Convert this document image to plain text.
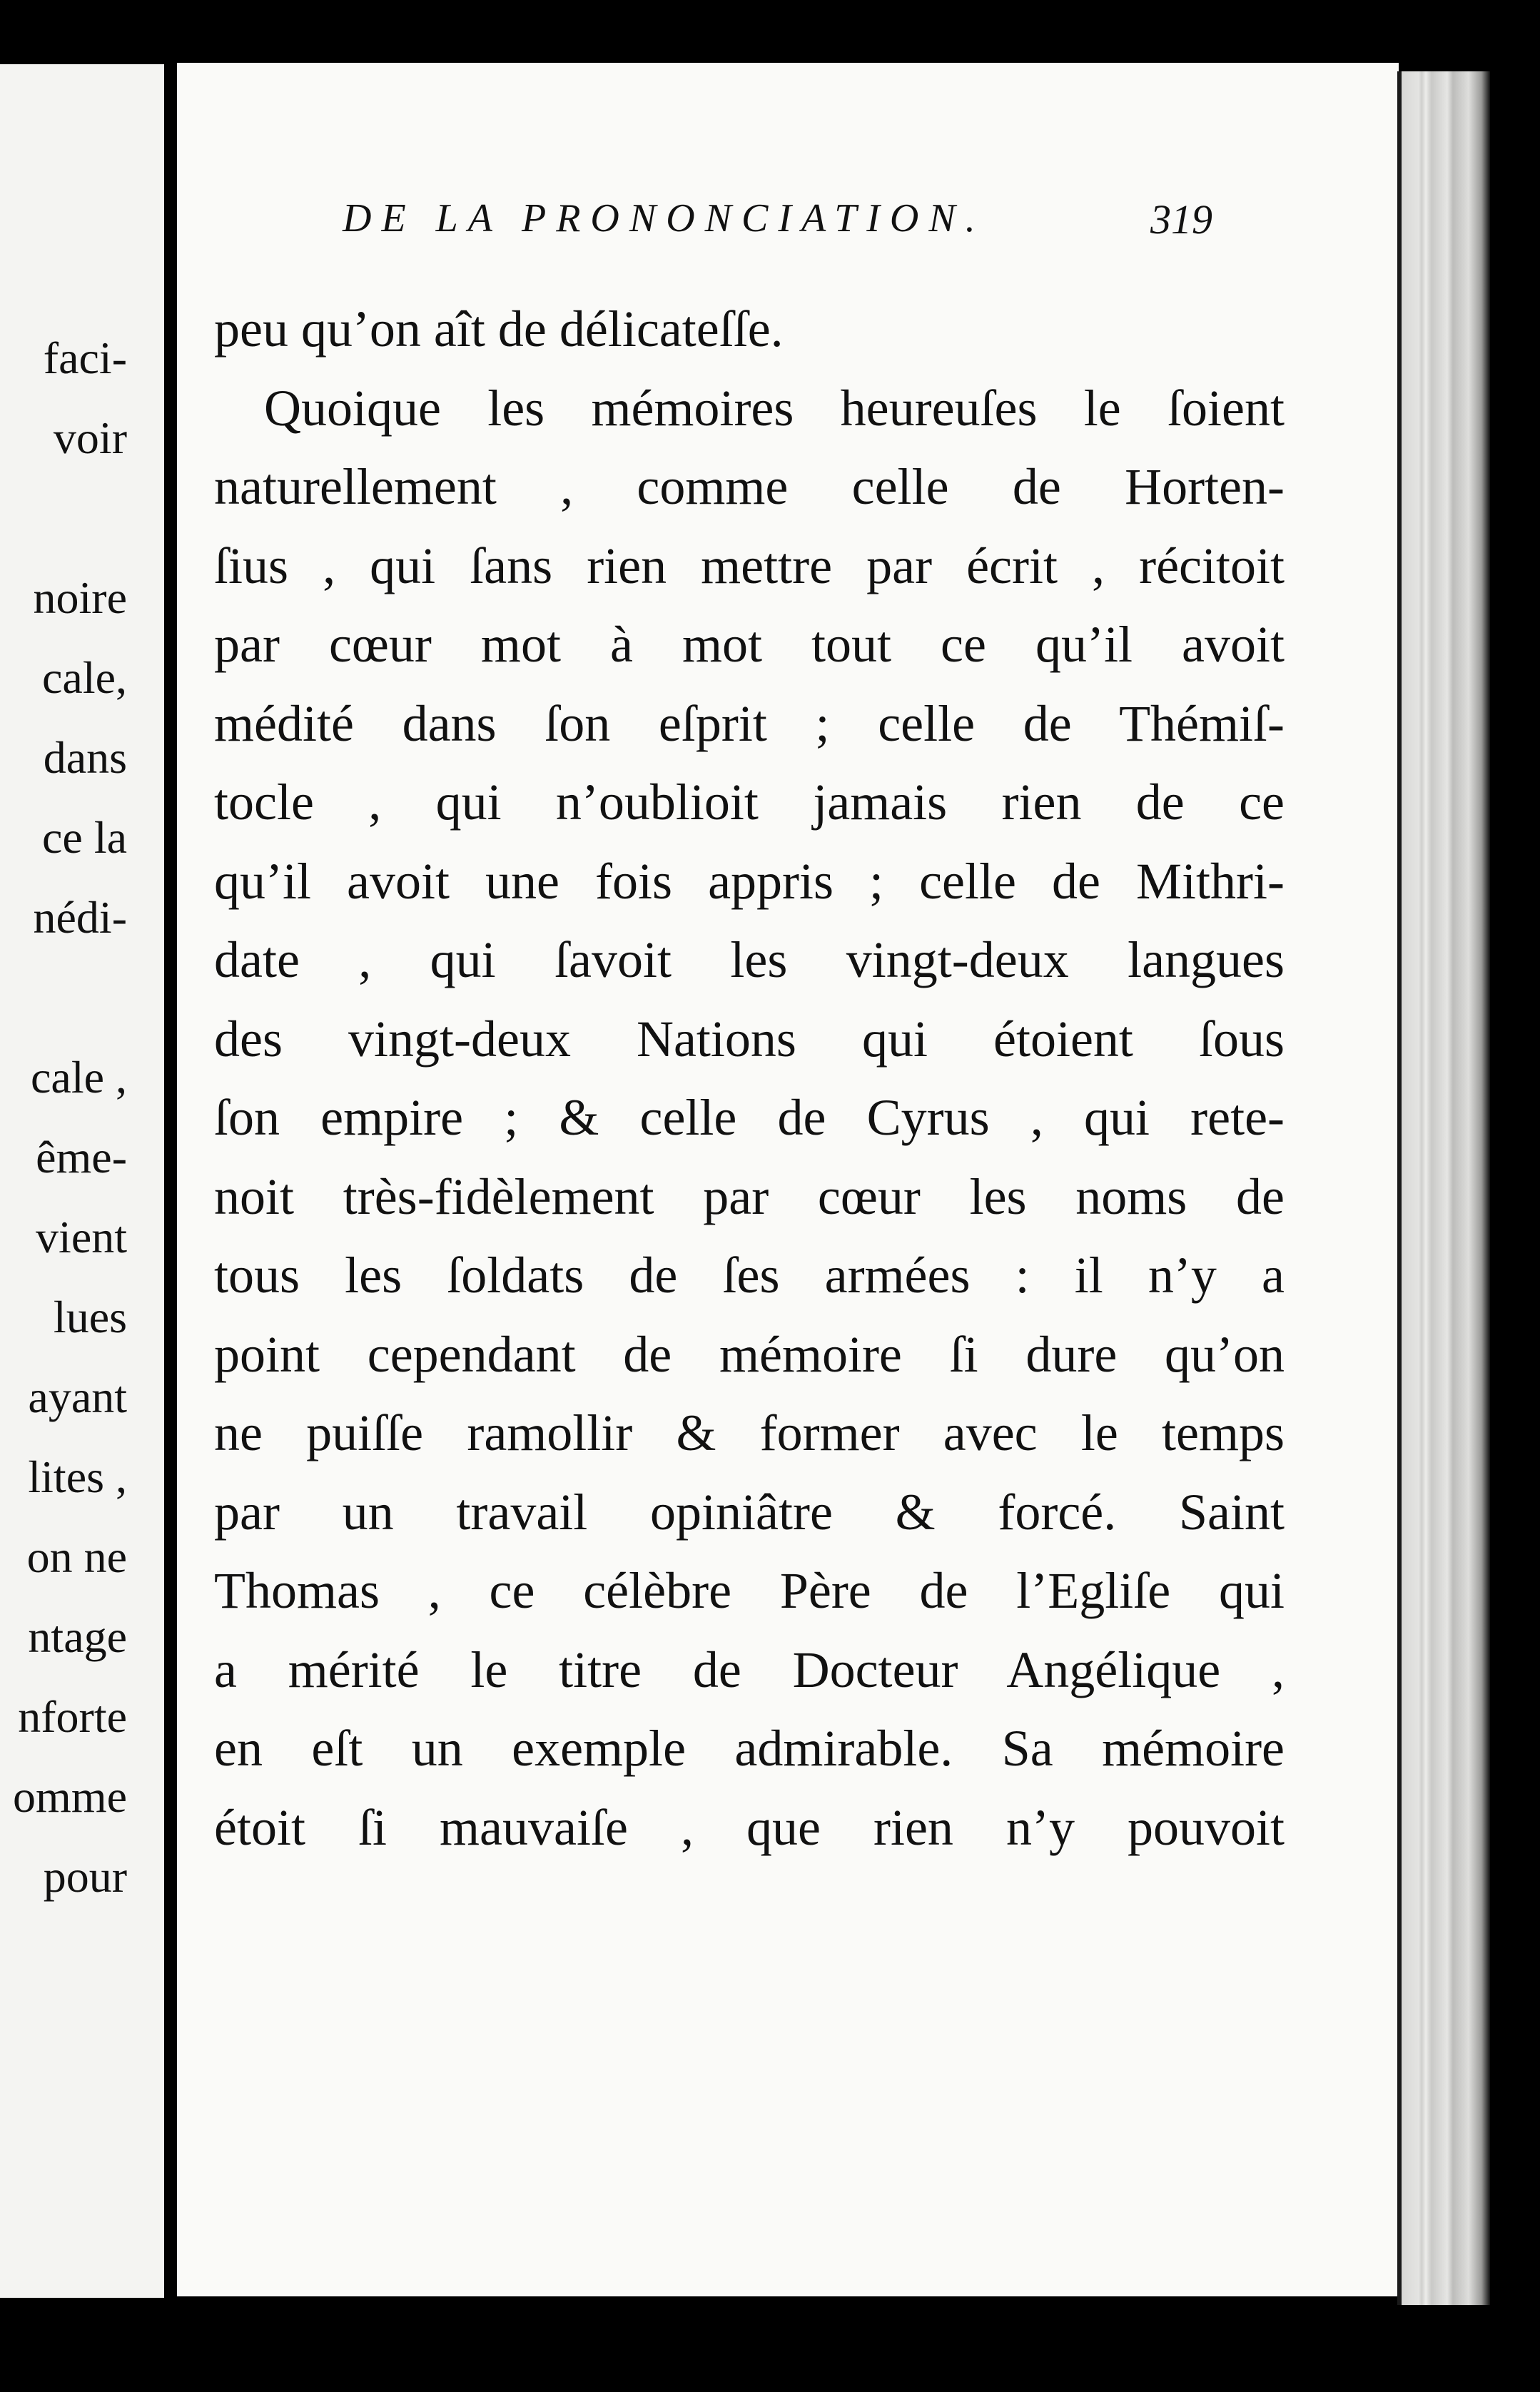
faci-
voir

noire
cale,
dans
ce la
nédi-

cale ,
ême-
vient
lues
ayant
lites ,
on ne
ntage
nforte
omme
pour
DE LA PRONONCIATION.	319
peu qu’on aît de délicateſſe.
Quoique les mémoires heureuſes le ſoient
naturellement , comme celle de Horten-
ſius , qui ſans rien mettre par écrit , récitoit
par cœur mot à mot tout ce qu’il avoit
médité dans ſon eſprit ; celle de Thémiſ-
tocle , qui n’oublioit jamais rien de ce
qu’il avoit une fois appris ; celle de Mithri-
date , qui ſavoit les vingt-deux langues
des vingt-deux Nations qui étoient ſous
ſon empire ; & celle de Cyrus , qui rete-
noit très-fidèlement par cœur les noms de
tous les ſoldats de ſes armées : il n’y a
point cependant de mémoire ſi dure qu’on
ne puiſſe ramollir & former avec le temps
par un travail opiniâtre & forcé. Saint
Thomas , ce célèbre Père de l’Egliſe qui
a mérité le titre de Docteur Angélique ,
en eſt un exemple admirable. Sa mémoire
étoit ſi mauvaiſe , que rien n’y pouvoit
